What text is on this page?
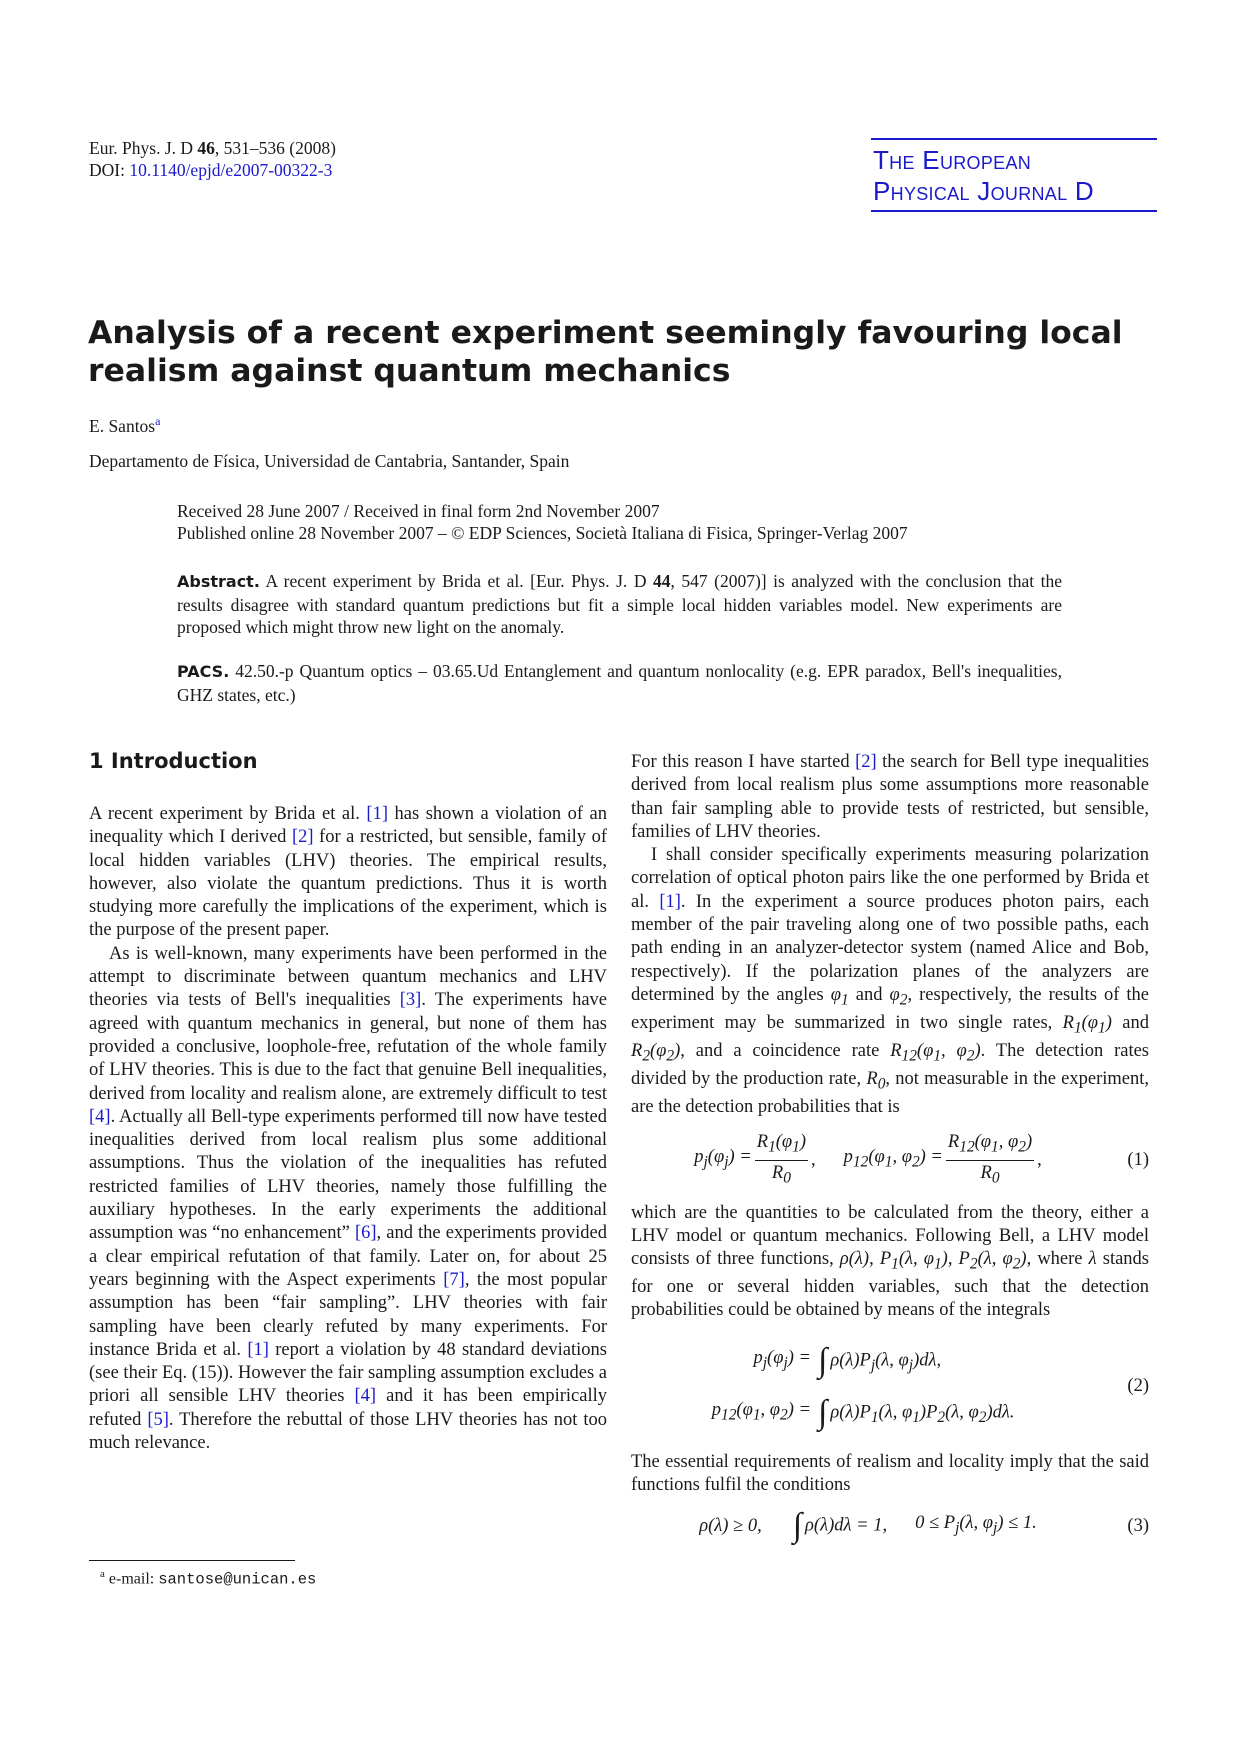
Eur. Phys. J. D 46, 531–536 (2008)
DOI: 10.1140/epjd/e2007-00322-3	The European
Physical Journal D
Analysis of a recent experiment seemingly favouring local realism against quantum mechanics
E. Santos$^a$
Departamento de Física, Universidad de Cantabria, Santander, Spain
Received 28 June 2007 / Received in final form 2nd November 2007
Published online 28 November 2007 – © EDP Sciences, Società Italiana di Fisica, Springer-Verlag 2007
Abstract. A recent experiment by Brida et al. [Eur. Phys. J. D 44, 547 (2007)] is analyzed with the conclusion that the results disagree with standard quantum predictions but fit a simple local hidden variables model. New experiments are proposed which might throw new light on the anomaly.
PACS. 42.50.-p Quantum optics – 03.65.Ud Entanglement and quantum nonlocality (e.g. EPR paradox, Bell's inequalities, GHZ states, etc.)
1 Introduction

A recent experiment by Brida et al. [1] has shown a violation of an inequality which I derived [2] for a restricted, but sensible, family of local hidden variables (LHV) theories. The empirical results, however, also violate the quantum predictions. Thus it is worth studying more carefully the implications of the experiment, which is the purpose of the present paper.

As is well-known, many experiments have been performed in the attempt to discriminate between quantum mechanics and LHV theories via tests of Bell's inequalities [3]. The experiments have agreed with quantum mechanics in general, but none of them has provided a conclusive, loophole-free, refutation of the whole family of LHV theories. This is due to the fact that genuine Bell inequalities, derived from locality and realism alone, are extremely difficult to test [4]. Actually all Bell-type experiments performed till now have tested inequalities derived from local realism plus some additional assumptions. Thus the violation of the inequalities has refuted restricted families of LHV theories, namely those fulfilling the auxiliary hypotheses. In the early experiments the additional assumption was “no enhancement” [6], and the experiments provided a clear empirical refutation of that family. Later on, for about 25 years beginning with the Aspect experiments [7], the most popular assumption has been “fair sampling”. LHV theories with fair sampling have been clearly refuted by many experiments. For instance Brida et al. [1] report a violation by 48 standard deviations (see their Eq. (15)). However the fair sampling assumption excludes a priori all sensible LHV theories [4] and it has been empirically refuted [5]. Therefore the rebuttal of those LHV theories has not too much relevance.

For this reason I have started [2] the search for Bell type inequalities derived from local realism plus some assumptions more reasonable than fair sampling able to provide tests of restricted, but sensible, families of LHV theories.

I shall consider specifically experiments measuring polarization correlation of optical photon pairs like the one performed by Brida et al. [1]. In the experiment a source produces photon pairs, each member of the pair traveling along one of two possible paths, each path ending in an analyzer-detector system (named Alice and Bob, respectively). If the polarization planes of the analyzers are determined by the angles $\varphi_1$ and $\varphi_2$, respectively, the results of the experiment may be summarized in two single rates, $R_1(\varphi_1)$ and $R_2(\varphi_2)$, and a coincidence rate $R_{12}(\varphi_1$, $\varphi_2$). The detection rates divided by the production rate, $R_0$, not measurable in the experiment, are the detection probabilities that is

$p_j(\varphi_j) = \frac{R_1(\varphi_1)}{R_0}$ , $p_{12}(\varphi_1$, $\varphi_2) = \frac{R_{12}(\varphi_1, \varphi_2)}{R_0}$ ,	(1)

which are the quantities to be calculated from the theory, either a LHV model or quantum mechanics. Following Bell, a LHV model consists of three functions, ρ(λ), $P_1(\lambda$, $\varphi_1$), $P_2(\lambda$, $\varphi_2$), where λ stands for one or several hidden variables, such that the detection probabilities could be obtained by means of the integrals

$p_j(\varphi_j)$ = ∫ $\rho(\lambda)P_j(\lambda$, $\varphi_j)d\lambda$,
$p_{12}(\varphi_1$, $\varphi_2$) = ∫ $\rho(\lambda)P_1(\lambda$, $\varphi_1)P_2(\lambda$, $\varphi_2)d\lambda$.
(2)

The essential requirements of realism and locality imply that the said functions fulfil the conditions

ρ(λ) ≥ 0, ∫ ρ(λ)dλ = 1, $0 \le P_j(\lambda$, $\varphi_j) \le 1$.	(3)
$^a$ e-mail: santose@unican.es
